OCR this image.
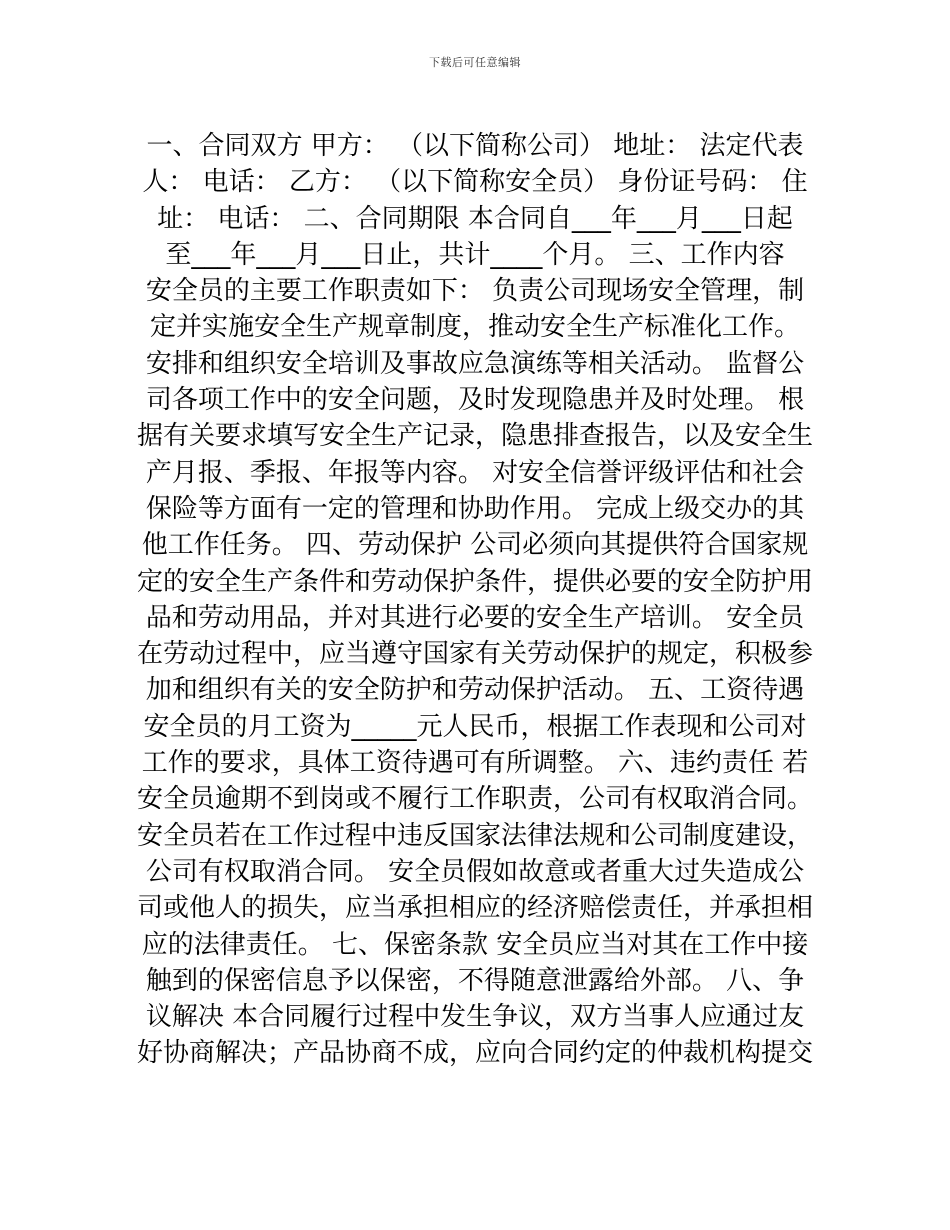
下载后可任意编辑
一、合同双方 甲方： （以下简称公司） 地址： 法定代表
人： 电话： 乙方： （以下简称安全员） 身份证号码： 住
址： 电话： 二、合同期限 本合同自___年___月___日起
至___年___月___日止，共计____个月。 三、工作内容
安全员的主要工作职责如下： 负责公司现场安全管理，制
定并实施安全生产规章制度，推动安全生产标准化工作。
安排和组织安全培训及事故应急演练等相关活动。 监督公
司各项工作中的安全问题，及时发现隐患并及时处理。 根
据有关要求填写安全生产记录，隐患排查报告，以及安全生
产月报、季报、年报等内容。 对安全信誉评级评估和社会
保险等方面有一定的管理和协助作用。 完成上级交办的其
他工作任务。 四、劳动保护 公司必须向其提供符合国家规
定的安全生产条件和劳动保护条件，提供必要的安全防护用
品和劳动用品，并对其进行必要的安全生产培训。 安全员
在劳动过程中，应当遵守国家有关劳动保护的规定，积极参
加和组织有关的安全防护和劳动保护活动。 五、工资待遇
安全员的月工资为_____元人民币，根据工作表现和公司对
工作的要求，具体工资待遇可有所调整。 六、违约责任 若
安全员逾期不到岗或不履行工作职责，公司有权取消合同。
安全员若在工作过程中违反国家法律法规和公司制度建设，
公司有权取消合同。 安全员假如故意或者重大过失造成公
司或他人的损失，应当承担相应的经济赔偿责任，并承担相
应的法律责任。 七、保密条款 安全员应当对其在工作中接
触到的保密信息予以保密，不得随意泄露给外部。 八、争
议解决 本合同履行过程中发生争议，双方当事人应通过友
好协商解决；产品协商不成，应向合同约定的仲裁机构提交
